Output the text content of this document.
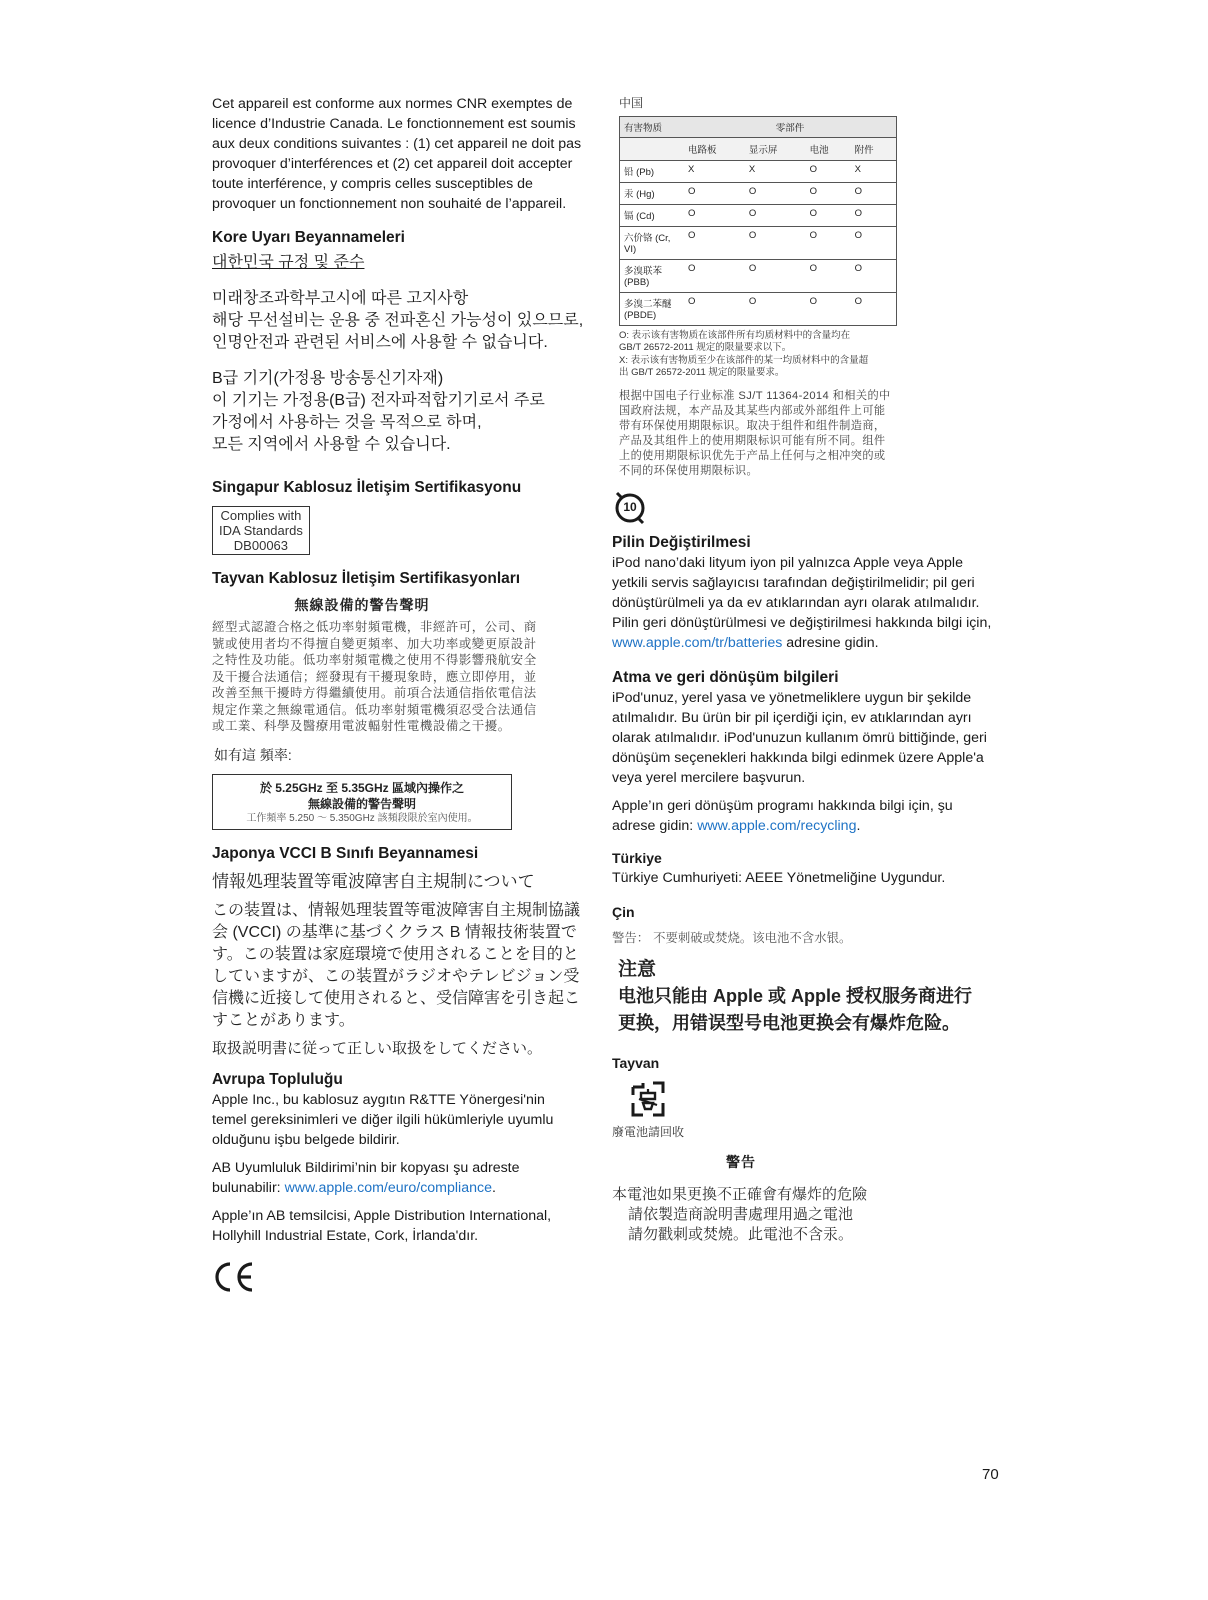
Cet appareil est conforme aux normes CNR exemptes de licence d’Industrie Canada. Le fonctionnement est soumis aux deux conditions suivantes : (1) cet appareil ne doit pas provoquer d’interférences et (2) cet appareil doit accepter toute interférence, y compris celles susceptibles de provoquer un fonctionnement non souhaité de l’appareil.

Kore Uyarı Beyannameleri

대한민국 규정 및 준수

미래창조과학부고시에 따른 고지사항
해당 무선설비는 운용 중 전파혼신 가능성이 있으므로,
인명안전과 관련된 서비스에 사용할 수 없습니다.
B급 기기(가정용 방송통신기자재)
이 기기는 가정용(B급) 전자파적합기기로서 주로
가정에서 사용하는 것을 목적으로 하며,
모든 지역에서 사용할 수 있습니다.
Singapur Kablosuz İletişim Sertifikasyonu
Complies with
IDA Standards
DB00063
Tayvan Kablosuz İletişim Sertifikasyonları

無線設備的警告聲明

經型式認證合格之低功率射頻電機，非經許可，公司、商號或使用者均不得擅自變更頻率、加大功率或變更原設計之特性及功能。低功率射頻電機之使用不得影響飛航安全及干擾合法通信；經發現有干擾現象時，應立即停用，並改善至無干擾時方得繼續使用。前項合法通信指依電信法規定作業之無線電通信。低功率射頻電機須忍受合法通信或工業、科學及醫療用電波輻射性電機設備之干擾。

如有這 頻率:

於 5.25GHz 至 5.35GHz 區域內操作之
無線設備的警告聲明
工作頻率 5.250 ～ 5.350GHz 該頻段限於室內使用。
Japonya VCCI B Sınıfı Beyannamesi

情報処理装置等電波障害自主規制について

この装置は、情報処理装置等電波障害自主規制協議会 (VCCI) の基準に基づくクラス B 情報技術装置です。この装置は家庭環境で使用されることを目的としていますが、この装置がラジオやテレビジョン受信機に近接して使用されると、受信障害を引き起こすことがあります。

取扱説明書に従って正しい取扱をしてください。

Avrupa Topluluğu

Apple Inc., bu kablosuz aygıtın R&TTE Yönergesi'nin temel gereksinimleri ve diğer ilgili hükümleriyle uyumlu olduğunu işbu belgede bildirir.

AB Uyumluluk Bildirimi’nin bir kopyası şu adreste bulunabilir: www.apple.com/euro/compliance.

Apple’ın AB temsilcisi, Apple Distribution International, Hollyhill Industrial Estate, Cork, İrlanda'dır.

中国

有害物质	零部件			
	电路板	显示屏	电池	附件
铅 (Pb)	X	X	O	X
汞 (Hg)	O	O	O	O
镉 (Cd)	O	O	O	O
六价铬 (Cr, VI)	O	O	O	O
多溴联苯 (PBB)	O	O	O	O
多溴二苯醚 (PBDE)	O	O	O	O

O: 表示该有害物质在该部件所有均质材料中的含量均在 GB/T 26572-2011 规定的限量要求以下。

X: 表示该有害物质至少在该部件的某一均质材料中的含量超出 GB/T 26572-2011 规定的限量要求。

根据中国电子行业标准 SJ/T 11364-2014 和相关的中国政府法规，本产品及其某些内部或外部组件上可能带有环保使用期限标识。取决于组件和组件制造商，产品及其组件上的使用期限标识可能有所不同。组件上的使用期限标识优先于产品上任何与之相冲突的或不同的环保使用期限标识。

10
Pilin Değiştirilmesi

iPod nano’daki lityum iyon pil yalnızca Apple veya Apple yetkili servis sağlayıcısı tarafından değiştirilmelidir; pil geri dönüştürülmeli ya da ev atıklarından ayrı olarak atılmalıdır. Pilin geri dönüştürülmesi ve değiştirilmesi hakkında bilgi için, www.apple.com/tr/batteries adresine gidin.

Atma ve geri dönüşüm bilgileri

iPod'unuz, yerel yasa ve yönetmeliklere uygun bir şekilde atılmalıdır. Bu ürün bir pil içerdiği için, ev atıklarından ayrı olarak atılmalıdır. iPod'unuzun kullanım ömrü bittiğinde, geri dönüşüm seçenekleri hakkında bilgi edinmek üzere Apple'a veya yerel mercilere başvurun.

Apple’ın geri dönüşüm programı hakkında bilgi için, şu adrese gidin: www.apple.com/recycling.

Türkiye

Türkiye Cumhuriyeti: AEEE Yönetmeliğine Uygundur.

Çin

警告： 不要刺破或焚烧。该电池不含水银。

注意

电池只能由 Apple 或 Apple 授权服务商进行

更换，用错误型号电池更换会有爆炸危险。

Tayvan

廢電池請回收

警告

本電池如果更換不正確會有爆炸的危險
請依製造商說明書處理用過之電池
請勿戳刺或焚燒。此電池不含汞。
70
